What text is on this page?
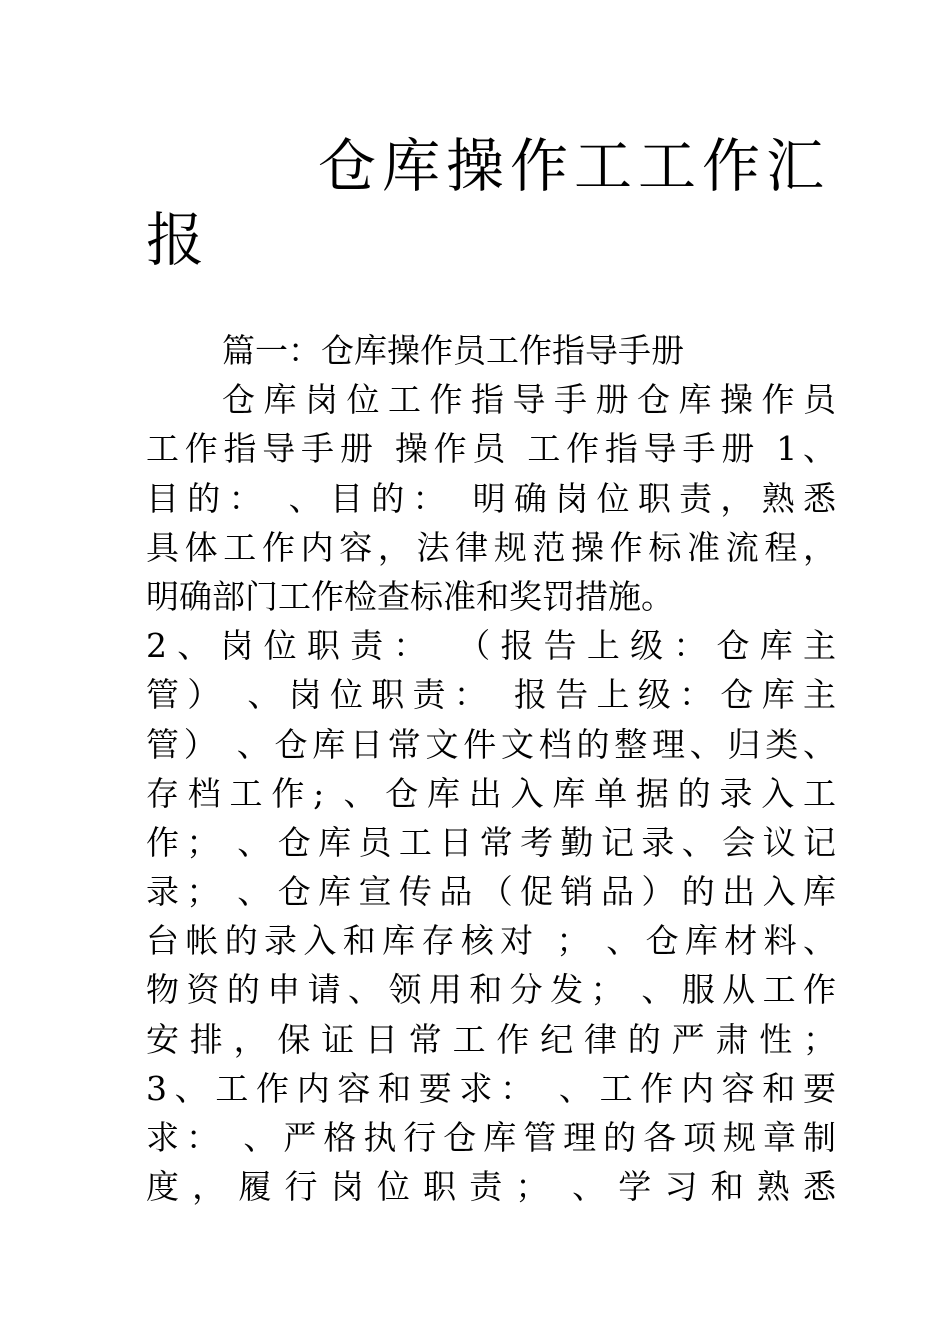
仓库操作工工作汇
报
篇一：仓库操作员工作指导手册
仓库岗位工作指导手册仓库操作员
工作指导手册 操作员 工作指导手册 1、
目的： 、目的： 明确岗位职责，熟悉
具体工作内容，法律规范操作标准流程，
明确部门工作检查标准和奖罚措施。
2、岗位职责： （报告上级：仓库主
管） 、岗位职责： 报告上级：仓库主
管） 、仓库日常文件文档的整理、归类、
存档工作; 、仓库出入库单据的录入工
作； 、仓库员工日常考勤记录、会议记
录； 、仓库宣传品（促销品）的出入库
台帐的录入和库存核对 ； 、仓库材料、
物资的申请、领用和分发； 、服从工作
安排，保证日常工作纪律的严肃性；
3、工作内容和要求： 、工作内容和要
求： 、严格执行仓库管理的各项规章制
度，履行岗位职责； 、学习和熟悉
